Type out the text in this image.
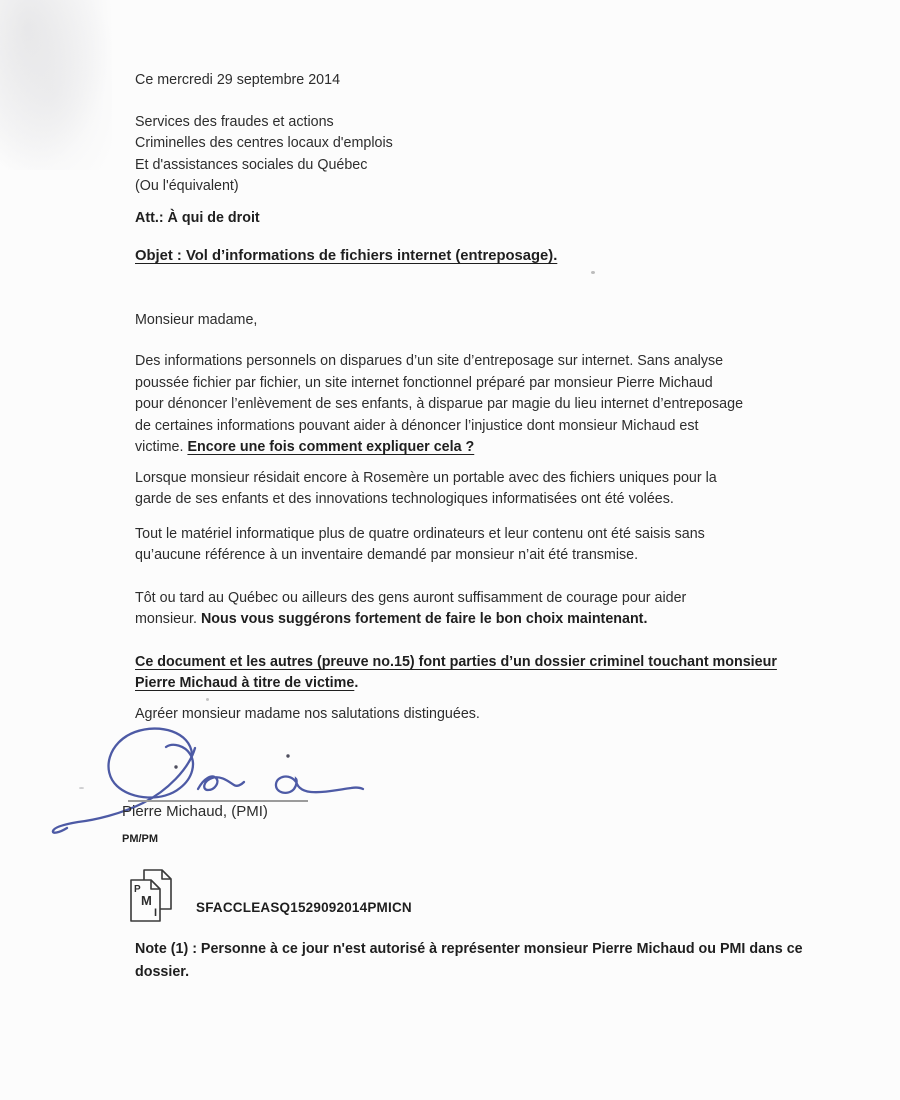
Ce mercredi 29 septembre 2014
Services des fraudes et actions
Criminelles des centres locaux d'emplois
Et d'assistances sociales du Québec
(Ou l'équivalent)
Att.: À qui de droit
Objet : Vol d’informations de fichiers internet (entreposage).
Monsieur madame,
Des informations personnels on disparues d’un site d’entreposage sur internet. Sans analyse
poussée fichier par fichier, un site internet fonctionnel préparé par monsieur Pierre Michaud
pour dénoncer l’enlèvement de ses enfants, à disparue par magie du lieu internet d’entreposage
de certaines informations pouvant aider à dénoncer l’injustice dont monsieur Michaud est
victime. Encore une fois comment expliquer cela ?
Lorsque monsieur résidait encore à Rosemère un portable avec des fichiers uniques pour la
garde de ses enfants et des innovations technologiques informatisées ont été volées.
Tout le matériel informatique plus de quatre ordinateurs et leur contenu ont été saisis sans
qu’aucune référence à un inventaire demandé par monsieur n’ait été transmise.
Tôt ou tard au Québec ou ailleurs des gens auront suffisamment de courage pour aider
monsieur. Nous vous suggérons fortement de faire le bon choix maintenant.
Ce document et les autres (preuve no.15) font parties d’un dossier criminel touchant monsieur
Pierre Michaud à titre de victime.
Agréer monsieur madame nos salutations distinguées.
Pierre Michaud, (PMI)
PM/PM
P
M
I	SFACCLEASQ1529092014PMICN
Note (1) : Personne à ce jour n'est autorisé à représenter monsieur Pierre Michaud ou PMI dans ce
dossier.
